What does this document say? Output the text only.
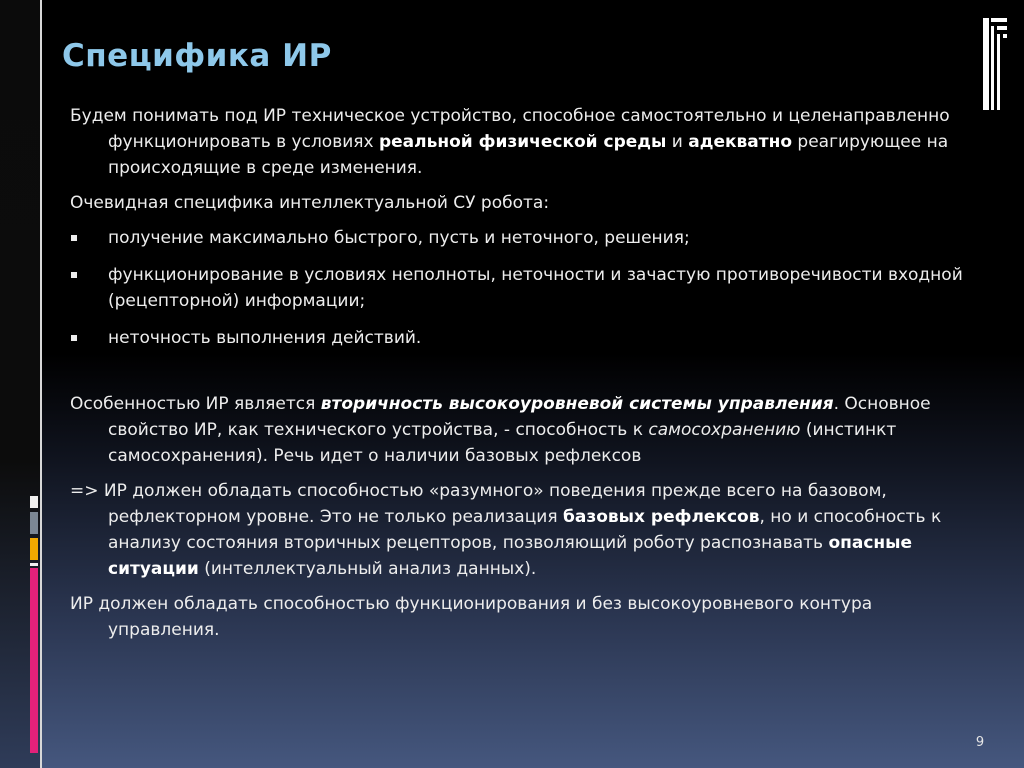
Специфика ИР

Будем понимать под ИР техническое устройство, способное самостоятельно и целенаправленно функционировать в условиях реальной физической среды и адекватно реагирующее на происходящие в среде изменения.

Очевидная специфика интеллектуальной СУ робота:

получение максимально быстрого, пусть и неточного, решения;
функционирование в условиях неполноты, неточности и зачастую противоречивости входной (рецепторной) информации;
неточность выполнения действий.

Особенностью ИР является вторичность высокоуровневой системы управления. Основное свойство ИР, как технического устройства, - способность к самосохранению (инстинкт самосохранения). Речь идет о наличии базовых рефлексов

=> ИР должен обладать способностью «разумного» поведения прежде всего на базовом, рефлекторном уровне. Это не только реализация базовых рефлексов, но и способность к анализу состояния вторичных рецепторов, позволяющий роботу распознавать опасные ситуации (интеллектуальный анализ данных).

ИР должен обладать способностью функционирования и без высокоуровневого контура управления.

9
